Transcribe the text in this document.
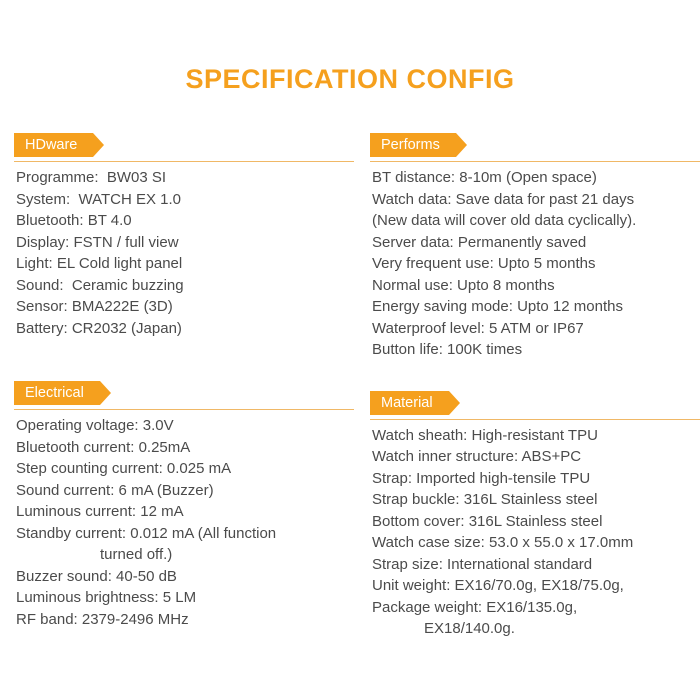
SPECIFICATION CONFIG
HDware
Programme:  BW03 SI
System:  WATCH EX 1.0
Bluetooth: BT 4.0
Display: FSTN / full view
Light: EL Cold light panel
Sound:  Ceramic buzzing
Sensor: BMA222E (3D)
Battery: CR2032 (Japan)
Electrical
Operating voltage: 3.0V
Bluetooth current: 0.25mA
Step counting current: 0.025 mA
Sound current: 6 mA (Buzzer)
Luminous current: 12 mA
Standby current: 0.012 mA (All function
turned off.)
Buzzer sound: 40-50 dB
Luminous brightness: 5 LM
RF band: 2379-2496 MHz
Performs
BT distance: 8-10m (Open space)
Watch data: Save data for past 21 days
(New data will cover old data cyclically).
Server data: Permanently saved
Very frequent use: Upto 5 months
Normal use: Upto 8 months
Energy saving mode: Upto 12 months
Waterproof level: 5 ATM or IP67
Button life: 100K times
Material
Watch sheath: High-resistant TPU
Watch inner structure: ABS+PC
Strap: Imported high-tensile TPU
Strap buckle: 316L Stainless steel
Bottom cover: 316L Stainless steel
Watch case size: 53.0 x 55.0 x 17.0mm
Strap size: International standard
Unit weight: EX16/70.0g, EX18/75.0g,
Package weight: EX16/135.0g,
EX18/140.0g.
